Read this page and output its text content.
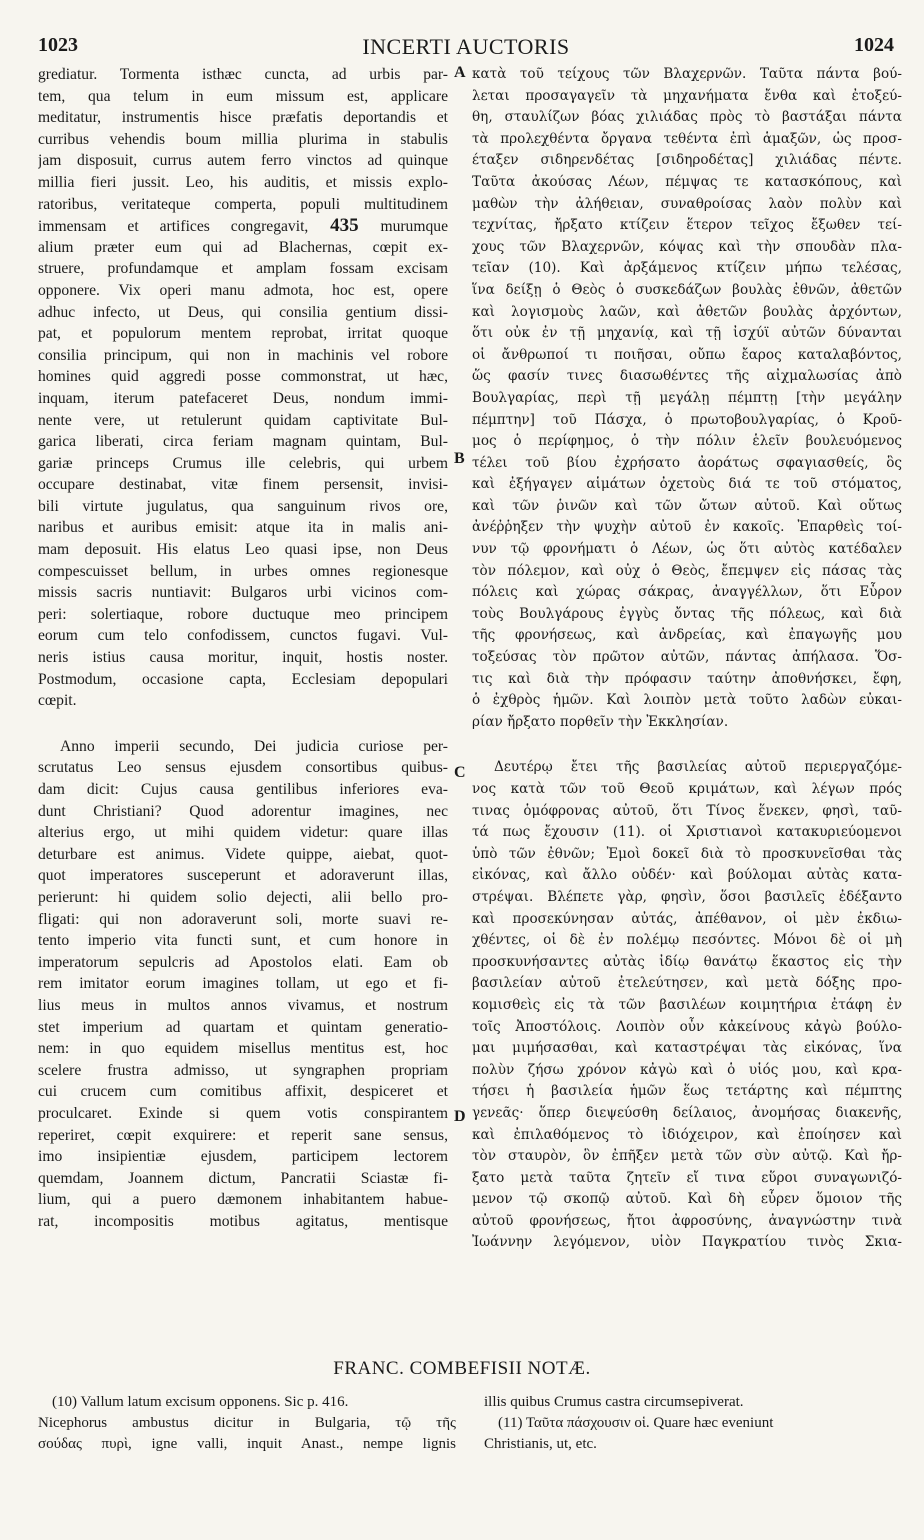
1023	INCERTI AUCTORIS	1024
grediatur. Tormenta isthæc cuncta, ad urbis par-
tem, qua telum in eum missum est, applicare
meditatur, instrumentis hisce præfatis deportandis et
curribus vehendis boum millia plurima in stabulis
jam disposuit, currus autem ferro vinctos ad quinque
millia fieri jussit. Leo, his auditis, et missis explo-
ratoribus, veritateque comperta, populi multitudinem
immensam et artifices congregavit, 435 murumque
alium præter eum qui ad Blachernas, cœpit ex-
struere, profundamque et amplam fossam excisam
opponere. Vix operi manu admota, hoc est, opere
adhuc infecto, ut Deus, qui consilia gentium dissi-
pat, et populorum mentem reprobat, irritat quoque
consilia principum, qui non in machinis vel robore
homines quid aggredi posse commonstrat, ut hæc,
inquam, iterum patefaceret Deus, nondum immi-
nente vere, ut retulerunt quidam captivitate Bul-
garica liberati, circa feriam magnam quintam, Bul-
gariæ princeps Crumus ille celebris, qui urbem
occupare destinabat, vitæ finem persensit, invisi-
bili virtute jugulatus, qua sanguinum rivos ore,
naribus et auribus emisit: atque ita in malis ani-
mam deposuit. His elatus Leo quasi ipse, non Deus
compescuisset bellum, in urbes omnes regionesque
missis sacris nuntiavit: Bulgaros urbi vicinos com-
peri: solertiaque, robore ductuque meo principem
eorum cum telo confodissem, cunctos fugavi. Vul-
neris istius causa moritur, inquit, hostis noster.
Postmodum, occasione capta, Ecclesiam depopulari
cœpit.
Anno imperii secundo, Dei judicia curiose per-
scrutatus Leo sensus ejusdem consortibus quibus-
dam dicit: Cujus causa gentilibus inferiores eva-
dunt Christiani? Quod adorentur imagines, nec
alterius ergo, ut mihi quidem videtur: quare illas
deturbare est animus. Videte quippe, aiebat, quot-
quot imperatores susceperunt et adoraverunt illas,
perierunt: hi quidem solio dejecti, alii bello pro-
fligati: qui non adoraverunt soli, morte suavi re-
tento imperio vita functi sunt, et cum honore in
imperatorum sepulcris ad Apostolos elati. Eam ob
rem imitator eorum imagines tollam, ut ego et fi-
lius meus in multos annos vivamus, et nostrum
stet imperium ad quartam et quintam generatio-
nem: in quo equidem misellus mentitus est, hoc
scelere frustra admisso, ut syngraphen propriam
cui crucem cum comitibus affixit, despiceret et
proculcaret. Exinde si quem votis conspirantem
reperiret, cœpit exquirere: et reperit sane sensus,
imo insipientiæ ejusdem, participem lectorem
quemdam, Joannem dictum, Pancratii Sciastæ fi-
lium, qui a puero dæmonem inhabitantem habue-
rat, incompositis motibus agitatus, mentisque
κατὰ τοῦ τείχους τῶν Βλαχερνῶν. Ταῦτα πάντα βού-
λεται προσαγαγεῖν τὰ μηχανήματα ἔνθα καὶ ἐτοξεύ-
θη, σταυλίζων βόας χιλιάδας πρὸς τὸ βαστάξαι πάντα
τὰ προλεχθέντα ὄργανα τεθέντα ἐπὶ ἁμαξῶν, ὡς προσ-
έταξεν σιδηρενδέτας [σιδηροδέτας] χιλιάδας πέντε.
Ταῦτα ἀκούσας Λέων, πέμψας τε κατασκόπους, καὶ
μαθὼν τὴν ἀλήθειαν, συναθροίσας λαὸν πολὺν καὶ
τεχνίτας, ἤρξατο κτίζειν ἕτερον τεῖχος ἔξωθεν τεί-
χους τῶν Βλαχερνῶν, κόψας καὶ τὴν σπουδὰν πλα-
τεῖαν (10). Καὶ ἀρξάμενος κτίζειν μήπω τελέσας,
ἵνα δείξῃ ὁ Θεὸς ὁ συσκεδάζων βουλὰς ἐθνῶν, ἀθετῶν
καὶ λογισμοὺς λαῶν, καὶ ἀθετῶν βουλὰς ἀρχόντων,
ὅτι οὐκ ἐν τῇ μηχανίᾳ, καὶ τῇ ἰσχύϊ αὐτῶν δύνανται
οἱ ἄνθρωποί τι ποιῆσαι, οὔπω ἔαρος καταλαβόντος,
ὥς φασίν τινες διασωθέντες τῆς αἰχμαλωσίας ἀπὸ
Βουλγαρίας, περὶ τῇ μεγάλῃ πέμπτῃ [τὴν μεγάλην
πέμπτην] τοῦ Πάσχα, ὁ πρωτοβουλγαρίας, ὁ Κροῦ-
μος ὁ περίφημος, ὁ τὴν πόλιν ἑλεῖν βουλευόμενος
τέλει τοῦ βίου ἐχρήσατο ἀοράτως σφαγιασθείς, ὃς
καὶ ἐξήγαγεν αἱμάτων ὀχετοὺς διά τε τοῦ στόματος,
καὶ τῶν ῥινῶν καὶ τῶν ὤτων αὐτοῦ. Καὶ οὕτως
ἀνέῤῥηξεν τὴν ψυχὴν αὐτοῦ ἐν κακοῖς. Ἐπαρθεὶς τοί-
νυν τῷ φρονήματι ὁ Λέων, ὡς ὅτι αὐτὸς κατέδαλεν
τὸν πόλεμον, καὶ οὐχ ὁ Θεὸς, ἔπεμψεν εἰς πάσας τὰς
πόλεις καὶ χώρας σάκρας, ἀναγγέλλων, ὅτι Εὗρον
τοὺς Βουλγάρους ἐγγὺς ὄντας τῆς πόλεως, καὶ διὰ
τῆς φρονήσεως, καὶ ἀνδρείας, καὶ ἐπαγωγῆς μου
τοξεύσας τὸν πρῶτον αὐτῶν, πάντας ἀπήλασα. Ὅσ-
τις καὶ διὰ τὴν πρόφασιν ταύτην ἀποθνήσκει, ἔφη,
ὁ ἐχθρὸς ἡμῶν. Καὶ λοιπὸν μετὰ τοῦτο λαδὼν εὐκαι-
ρίαν ἤρξατο πορθεῖν τὴν Ἐκκλησίαν.
Δευτέρῳ ἔτει τῆς βασιλείας αὐτοῦ περιεργαζόμε-
νος κατὰ τῶν τοῦ Θεοῦ κριμάτων, καὶ λέγων πρός
τινας ὁμόφρονας αὐτοῦ, ὅτι Τίνος ἕνεκεν, φησὶ, ταῦ-
τά πως ἔχουσιν (11). οἱ Χριστιανοὶ κατακυριεύομενοι
ὑπὸ τῶν ἐθνῶν; Ἐμοὶ δοκεῖ διὰ τὸ προσκυνεῖσθαι τὰς
εἰκόνας, καὶ ἄλλο οὐδέν· καὶ βούλομαι αὐτὰς κατα-
στρέψαι. Βλέπετε γὰρ, φησὶν, ὅσοι βασιλεῖς ἐδέξαντο
καὶ προσεκύνησαν αὐτάς, ἀπέθανον, οἱ μὲν ἐκδιω-
χθέντες, οἱ δὲ ἐν πολέμῳ πεσόντες. Μόνοι δὲ οἱ μὴ
προσκυνήσαντες αὐτὰς ἰδίῳ θανάτῳ ἕκαστος εἰς τὴν
βασιλείαν αὐτοῦ ἐτελεύτησεν, καὶ μετὰ δόξης προ-
κομισθεὶς εἰς τὰ τῶν βασιλέων κοιμητήρια ἐτάφη ἐν
τοῖς Ἀποστόλοις. Λοιπὸν οὖν κἀκείνους κἀγὼ βούλο-
μαι μιμήσασθαι, καὶ καταστρέψαι τὰς εἰκόνας, ἵνα
πολὺν ζήσω χρόνον κἀγὼ καὶ ὁ υἱός μου, καὶ κρα-
τήσει ἡ βασιλεία ἡμῶν ἕως τετάρτης καὶ πέμπτης
γενεᾶς· ὅπερ διεψεύσθη δείλαιος, ἀνομήσας διακενῆς,
καὶ ἐπιλαθόμενος τὸ ἰδιόχειρον, καὶ ἐποίησεν καὶ
τὸν σταυρὸν, ὃν ἐπῆξεν μετὰ τῶν σὺν αὐτῷ. Καὶ ἤρ-
ξατο μετὰ ταῦτα ζητεῖν εἴ τινα εὕροι συναγωνιζό-
μενον τῷ σκοπῷ αὐτοῦ. Καὶ δὴ εὗρεν ὅμοιον τῆς
αὐτοῦ φρονήσεως, ἤτοι ἀφροσύνης, ἀναγνώστην τινὰ
Ἰωάννην λεγόμενον, υἱὸν Παγκρατίου τινὸς Σκια-
A
B
C
D
FRANC. COMBEFISII NOTÆ.
(10) Vallum latum excisum opponens. Sic p. 416.
Nicephorus ambustus dicitur in Bulgaria, τῷ τῆς
σούδας πυρὶ, igne valli, inquit Anast., nempe lignis
illis quibus Crumus castra circumsepiverat.
(11) Ταῦτα πάσχουσιν οἱ. Quare hæc eveniunt
Christianis, ut, etc.
